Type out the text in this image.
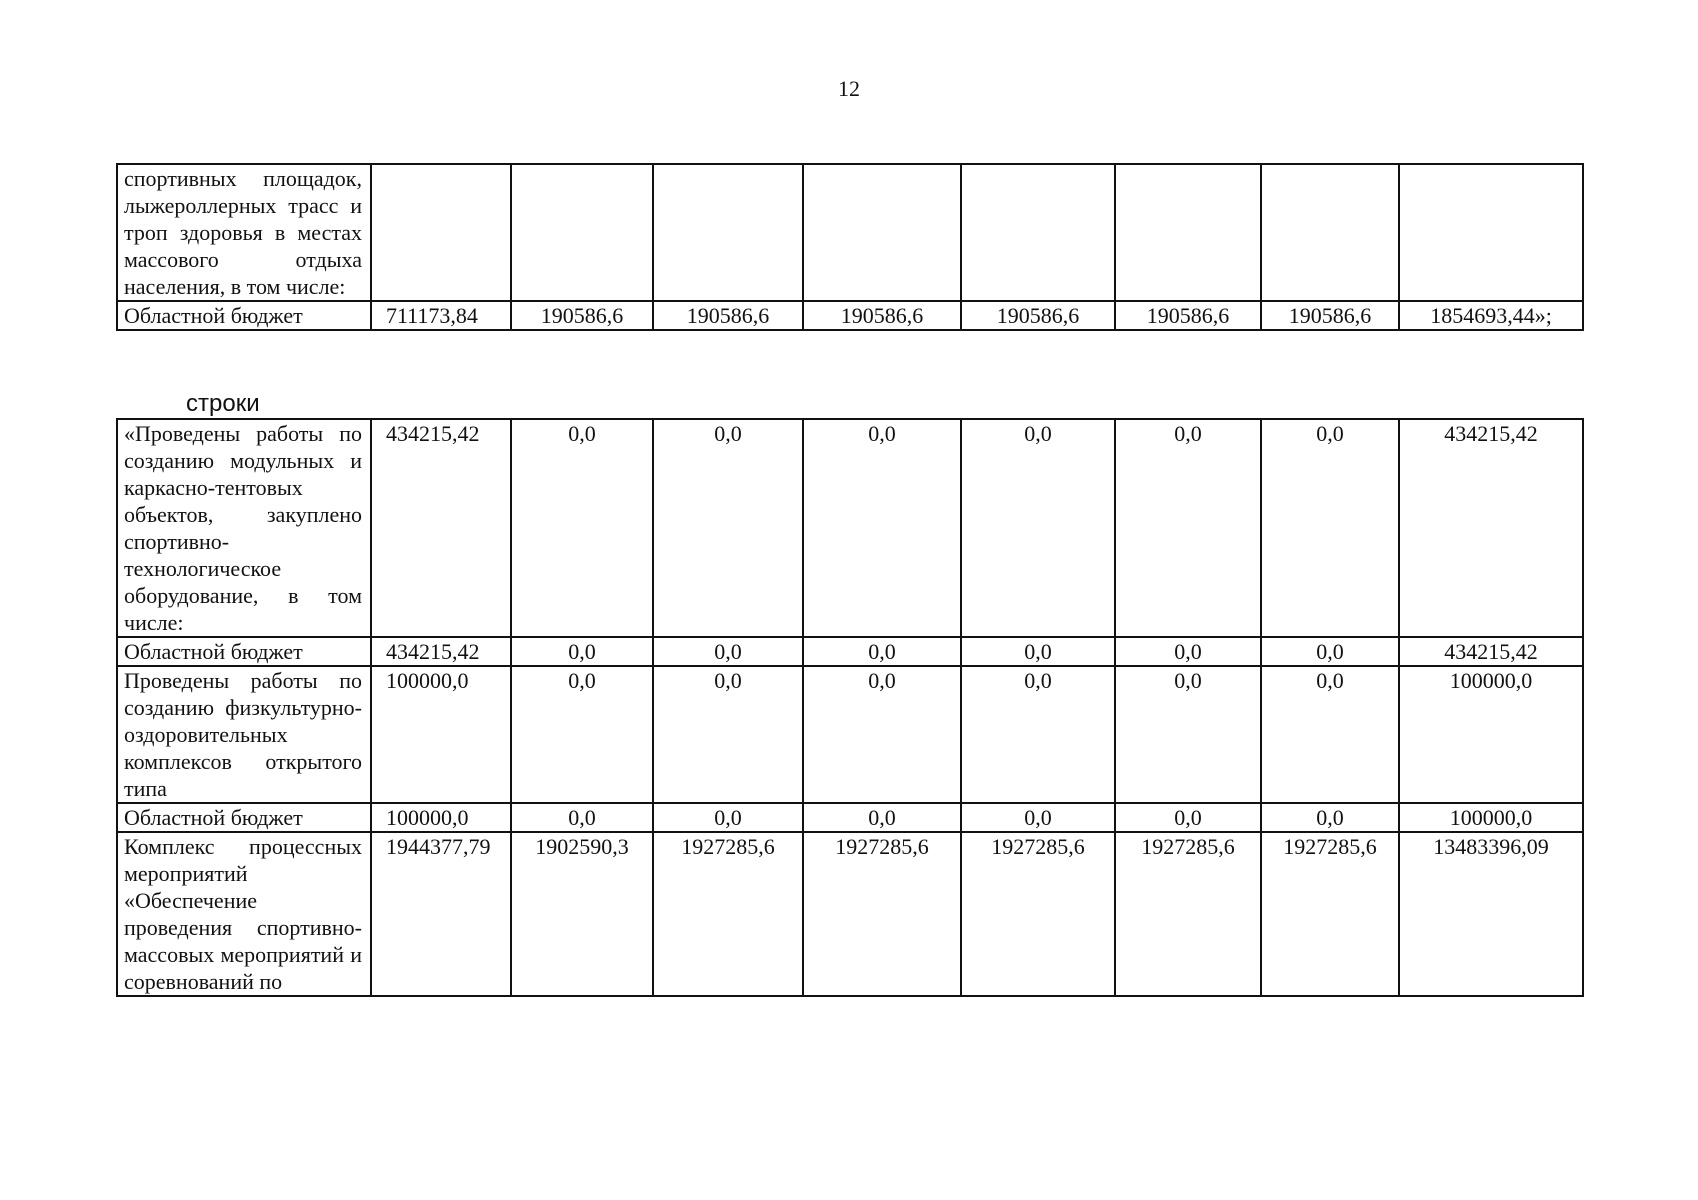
12
спортивных площадок, лыжероллерных трасс и троп здоровья в местах массового отдыха населения, в том числе:								
Областной бюджет	711173,84	190586,6	190586,6	190586,6	190586,6	190586,6	190586,6	1854693,44»;
строки
«Проведены работы по созданию модульных и каркасно-тентовых объектов, закуплено спортивно-технологическое оборудование, в том числе:	434215,42	0,0	0,0	0,0	0,0	0,0	0,0	434215,42
Областной бюджет	434215,42	0,0	0,0	0,0	0,0	0,0	0,0	434215,42
Проведены работы по созданию физкультурно-оздоровительных комплексов открытого типа	100000,0	0,0	0,0	0,0	0,0	0,0	0,0	100000,0
Областной бюджет	100000,0	0,0	0,0	0,0	0,0	0,0	0,0	100000,0
Комплекс процессных мероприятий «Обеспечение проведения спортивно-массовых мероприятий и соревнований по	1944377,79	1902590,3	1927285,6	1927285,6	1927285,6	1927285,6	1927285,6	13483396,09
